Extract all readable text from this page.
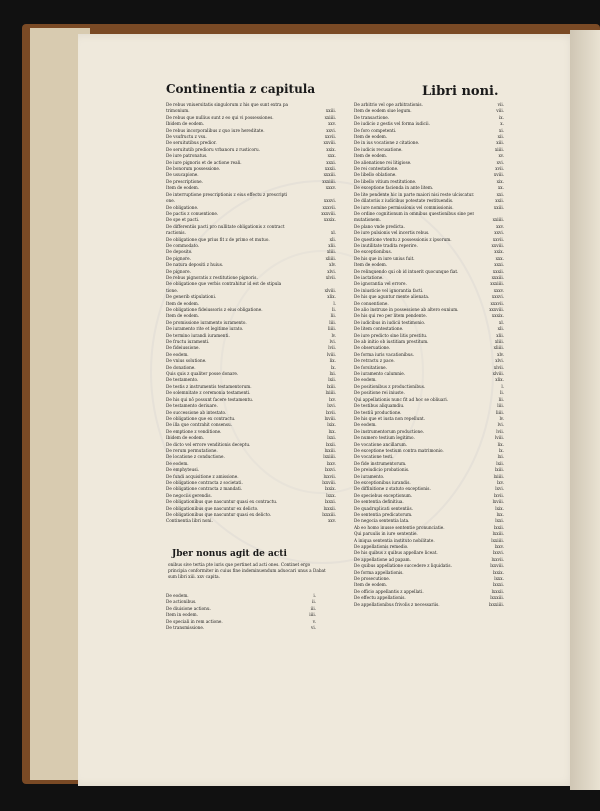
Continentia z capitula	Libri noni.
De rebus vniuersitatis singulorum z his que sunt extra pa
trimonium.	xxiii.
De rebus que nullius sunt z eo qui vi possessiones.	xxiiii.
Ibidem de eodem.	xxv.
De rebus incorporalibus z quo iure hereditate.	xxvi.
De vsufructu z vsu.	xxvii.
De seruitutibus predior.	xxviii.
De seruitutib predioru vrbanoru z rusticoru.	xxix.
De iure patronatus.	xxx.
De iure pignoris et de actione reali.	xxxi.
De bonorum possessione.	xxxii.
De usucapione.	xxxiii.
De prescriptione.	xxxiiii.
Item de eodem.	xxxv.
De interruptione prescriptionis z eius effectu z prescripti
one.	xxxvi.
De obligatione.	xxxvii.
De pactis z conuentione.	xxxviii.
De spe et pacti.	xxxix.
De differentiis pacti pro nullitate obligationis z contract
ractionis.	xl.
De obligatione que prius fit z de primo et mutuo.	xli.
De commodato.	xlii.
De deposito.	xliii.
De pignore.	xliiii.
De natura depositi z huius.	xlv.
De pignore.	xlvi.
De rebus pignoratis z restitutione pignoris.	xlvii.
De obligatione que verbis contrahitur id est de stipula
tione.	xlviii.
De generib stipulationi.	xlix.
Item de eodem.	l.
De obligatione fideiussoris z eius obligatione.	li.
Item de eodem.	lii.
De promissione iuramento iuramento.	liii.
De iuramento rite et legitime iurato.	liiii.
De termino iurandi iuramenti.	lv.
De fructu iuramenti.	lvi.
De fideiussione.	lvii.
De eodem.	lviii.
De vnius solutione.	lix.
De donatione.	lx.
Quis quis z qualiter posse donare.	lxi.
De testamento.	lxii.
De testis z instrumentis testamentorum.	lxiii.
De solemnitate z ceremonia testamenti.	lxiiii.
De his qui nō possunt facere testamentu.	lxv.
De testamento deriuare.	lxvi.
De successione ab intestato.	lxvii.
De obligatione que ex contractu.	lxviii.
De illa que contrahit consensu.	lxix.
De emptione z venditione.	lxx.
Ibidem de eodem.	lxxi.
De dicto vel errore venditionis deceptu.	lxxii.
De rerum permutatione.	lxxiii.
De locatione z conductione.	lxxiiii.
De eodem.	lxxv.
De emphyteusi.	lxxvi.
De fundi acquisitione z amissione.	lxxvii.
De obligatione contracta z societati.	lxxviii.
De obligatione contracta z mandati.	lxxix.
De negociis gerendis.	lxxx.
De obligationibus que nascuntur quasi ex contractu.	lxxxi.
De obligationibus que nascuntur ex delicto.	lxxxii.
De obligationibus que nascuntur quasi ex delicto.	lxxxiii.
Continentia libri noni.	xxv.
De arbitrio vel ope arbitrationis.	vii.
Item de eodem siue legum.	viii.
De transactione.	ix.
De iudicio z gestis vel forma iudicii.	x.
De foro competenti.	xi.
Item de eodem.	xii.
De in ius vocatione z citatione.	xiii.
De iudicis recusatione.	xiiii.
Item de eodem.	xv.
De alienatione rei litigiose.	xvi.
De rei contestatione.	xvii.
De libello oblatione.	xviii.
De libello vitium restitutione.	xix.
De exceptione facienda in ante litem.	xx.
De lite pendente hic in parte maiori nisi reste ulciscatur.	xxi.
De dilatoriis z iudicibus potestate restituendis.	xxii.
De iure nomine permissionis vel commissionis.	xxiii.
De ordine cognitionum in omnibus questionibus sine per
mutationem.	xxiiii.
De plano vnde predicta.	xxv.
De iure pulsionis vel incertis rebus.	xxvi.
De questione vtentu z possessionis z ipsorum.	xxvii.
De inutilitate tradita reperire.	xxviii.
De exceptionibus.	xxix.
De his que in iure unius fuit.	xxx.
Item de eodem.	xxxi.
De relinquendo qui ob id intuerit quocunque fiat.	xxxii.
De iactatione.	xxxiii.
De ignorantia vel errore.	xxxiiii.
De iniusticie vel ignorantia facti.	xxxv.
De his que aguntur mente alienata.	xxxvi.
De conuentione.	xxxvii.
De alio instruxe in possessione ab altero eunium.	xxxviii.
De his qui reo per litem pendente.	xxxix.
De iudicibus in iudicii testimonio.	xl.
De litem contestatione.	xli.
De iure predicto sine litis prestitu.	xlii.
De ab initio ob iustitiam prestitum.	xliii.
De obseruatione.	xliiii.
De forma iuris vacationibus.	xlv.
De retractu z pace.	xlvi.
De forsitatione.	xlvii.
De iuramento calumnie.	xlviii.
De eodem.	xlix.
De positionibus z productionibus.	l.
De positione rei iniuste.	li.
Qui appellationis nunc fit ad hoc se obliuari.	lii.
De testibus aliquamdiu.	liii.
De testiū productione.	liiii.
De his que et iusta non repellunt.	lv.
De eodem.	lvi.
De instrumentorum productione.	lvii.
De numero testium legitimo.	lviii.
De vocatione ancillarum.	lix.
De exceptione testium contra matrimonio.	lx.
De vocatione testi.	lxi.
De fide instrumentorum.	lxii.
De preiudicio probationis.	lxiii.
De iuramento.	lxiiii.
De exceptionibus iurandis.	lxv.
De diffinitione z statuto exceptionis.	lxvi.
De speciebus exceptionum.	lxvii.
De sententia definitiua.	lxviii.
De quadruplicati sententiis.	lxix.
De sententia predicatorum.	lxx.
De negocia sententia lata.	lxxi.
Ab eo homo inusse sententie pronunciatie.	lxxii.
Qui paruulis in iure sententie.	lxxiii.
A iniqua sententia instituto nobilitate.	lxxiiii.
De appellationis remedio.	lxxv.
De his quibus z quibus appellare liceat.	lxxvi.
De appellatione ad papam.	lxxvii.
De quibus appellatione succedere z liquidatis.	lxxviii.
De forma appellationis.	lxxix.
De prosecutione.	lxxx.
Item de eodem.	lxxxi.
De officio appellantis z appellati.	lxxxii.
De effectu appellationis.	lxxxiii.
De appellationibus frivolis z necessariis.	lxxxiiii.
Jber nonus agit de acti
onibus sive tertia pte iuris que pertinet ad acti ones. Continet ergo principia conformiter in cuius fine indeminuendum aduocari unus a Dabat sum libri xiii. xxv capita.
De eodem.	i.
De actionibus.	ii.
De diuisione actionu.	iii.
Item in eodem.	iiii.
De speciali in rem actione.	v.
De transmissione.	vi.
